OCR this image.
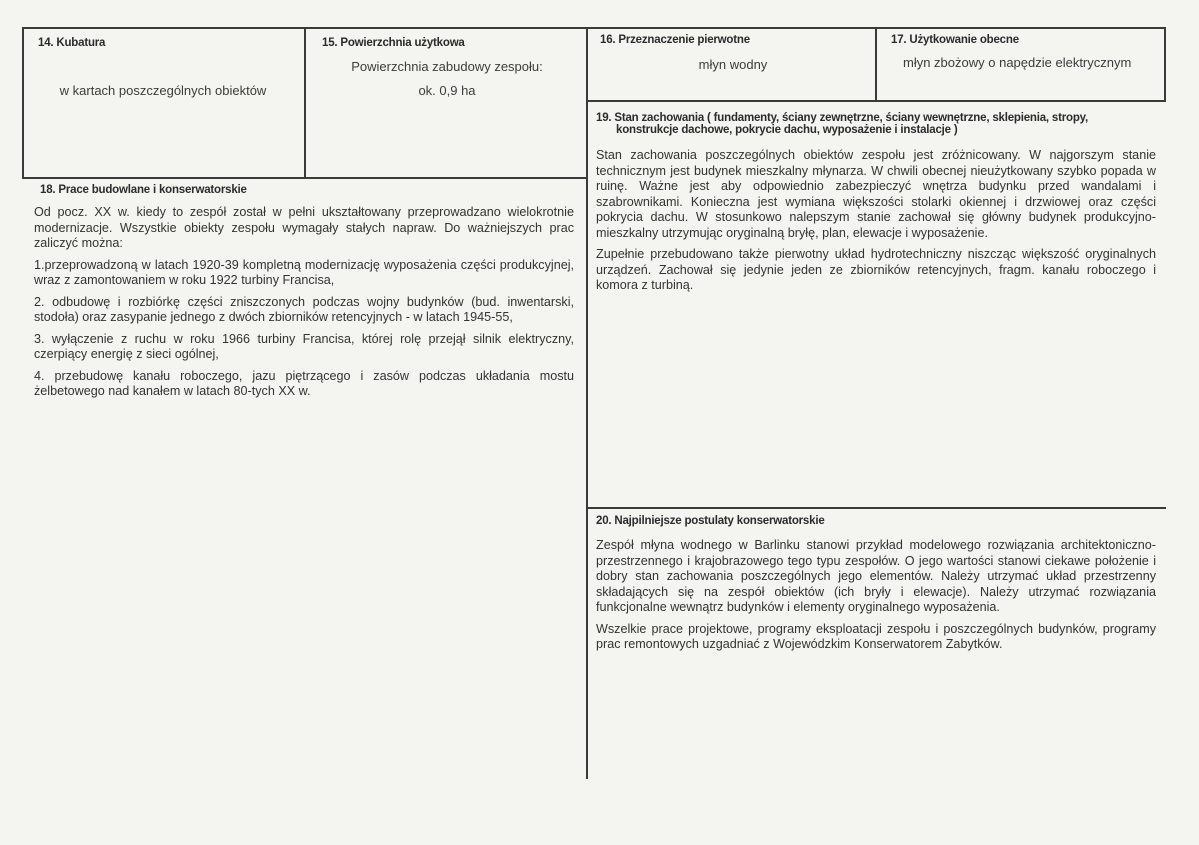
14. Kubatura
w kartach poszczególnych obiektów
15. Powierzchnia użytkowa
Powierzchnia zabudowy zespołu:
ok. 0,9 ha
16. Przeznaczenie pierwotne
młyn wodny
17. Użytkowanie obecne
młyn zbożowy o napędzie elektrycznym
18. Prace budowlane i konserwatorskie

Od pocz. XX w. kiedy to zespół został w pełni ukształtowany przeprowadzano wielokrotnie modernizacje. Wszystkie obiekty zespołu wymagały stałych napraw. Do ważniejszych prac zaliczyć można:

1.przeprowadzoną w latach 1920-39 kompletną modernizację wyposażenia części produkcyjnej, wraz z zamontowaniem w roku 1922 turbiny Francisa,

2. odbudowę i rozbiórkę części zniszczonych podczas wojny budynków (bud. inwentarski, stodoła) oraz zasypanie jednego z dwóch zbiorników retencyjnych - w latach 1945-55,

3. wyłączenie z ruchu w roku 1966 turbiny Francisa, której rolę przejął silnik elektryczny, czerpiący energię z sieci ogólnej,

4. przebudowę kanału roboczego, jazu piętrzącego i zasów podczas układania mostu żelbetowego nad kanałem w latach 80-tych XX w.

19. Stan zachowania ( fundamenty, ściany zewnętrzne, ściany wewnętrzne, sklepienia, stropy,
konstrukcje dachowe, pokrycie dachu, wyposażenie i instalacje )

Stan zachowania poszczególnych obiektów zespołu jest zróżnicowany. W najgorszym stanie technicznym jest budynek mieszkalny młynarza. W chwili obecnej nieużytkowany szybko popada w ruinę. Ważne jest aby odpowiednio zabezpieczyć wnętrza budynku przed wandalami i szabrownikami. Konieczna jest wymiana większości stolarki okiennej i drzwiowej oraz części pokrycia dachu. W stosunkowo nalepszym stanie zachował się główny budynek produkcyjno-mieszkalny utrzymując oryginalną bryłę, plan, elewacje i wyposażenie.

Zupełnie przebudowano także pierwotny układ hydrotechniczny niszcząc większość oryginalnych urządzeń. Zachował się jedynie jeden ze zbiorników retencyjnych, fragm. kanału roboczego i komora z turbiną.

20. Najpilniejsze postulaty konserwatorskie

Zespół młyna wodnego w Barlinku stanowi przykład modelowego rozwiązania architektoniczno-przestrzennego i krajobrazowego tego typu zespołów. O jego wartości stanowi ciekawe położenie i dobry stan zachowania poszczególnych jego elementów. Należy utrzymać układ przestrzenny składających się na zespół obiektów (ich bryły i elewacje). Należy utrzymać rozwiązania funkcjonalne wewnątrz budynków i elementy oryginalnego wyposażenia.

Wszelkie prace projektowe, programy eksploatacji zespołu i poszczególnych budynków, programy prac remontowych uzgadniać z Wojewódzkim Konserwatorem Zabytków.
